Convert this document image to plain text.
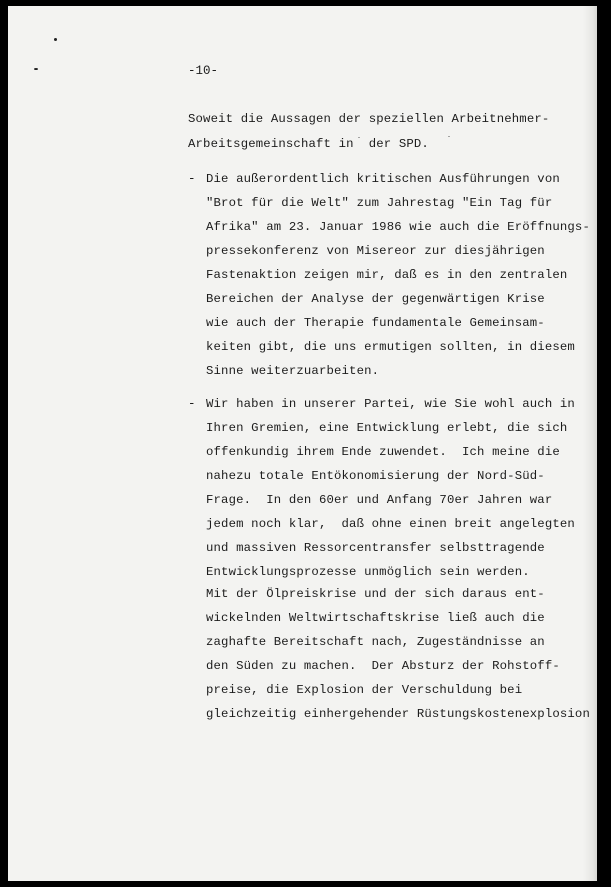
-10-
Soweit die Aussagen der speziellen Arbeitnehmer-
Arbeitsgemeinschaft in  der SPD.
- Die außerordentlich kritischen Ausführungen von
"Brot für die Welt" zum Jahrestag "Ein Tag für
Afrika" am 23. Januar 1986 wie auch die Eröffnungs-
pressekonferenz von Misereor zur diesjährigen
Fastenaktion zeigen mir, daß es in den zentralen
Bereichen der Analyse der gegenwärtigen Krise
wie auch der Therapie fundamentale Gemeinsam-
keiten gibt, die uns ermutigen sollten, in diesem
Sinne weiterzuarbeiten.
- Wir haben in unserer Partei, wie Sie wohl auch in
Ihren Gremien, eine Entwicklung erlebt, die sich
offenkundig ihrem Ende zuwendet.  Ich meine die
nahezu totale Entökonomisierung der Nord-Süd-
Frage.  In den 60er und Anfang 70er Jahren war
jedem noch klar,  daß ohne einen breit angelegten
und massiven Ressorcentransfer selbsttragende
Entwicklungsprozesse unmöglich sein werden.
Mit der Ölpreiskrise und der sich daraus ent-
wickelnden Weltwirtschaftskrise ließ auch die
zaghafte Bereitschaft nach, Zugeständnisse an
den Süden zu machen.  Der Absturz der Rohstoff-
preise, die Explosion der Verschuldung bei
gleichzeitig einhergehender Rüstungskostenexplosion
